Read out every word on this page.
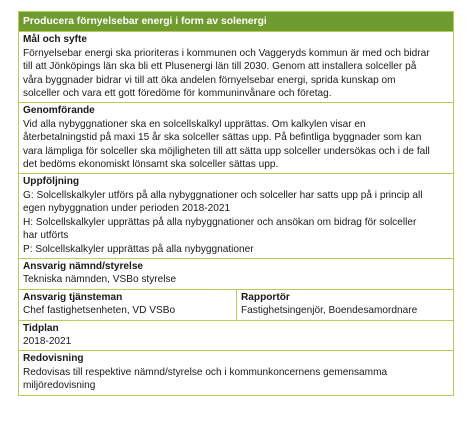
Producera förnyelsebar energi i form av solenergi

Mål och syfte
Förnyelsebar energi ska prioriteras i kommunen och Vaggeryds kommun är med och bidrar
till att Jönköpings län ska bli ett Plusenergi län till 2030. Genom att installera solceller på
våra byggnader bidrar vi till att öka andelen förnyelsebar energi, sprida kunskap om
solceller och vara ett gott föredöme för kommuninvånare och företag.

Genomförande
Vid alla nybyggnationer ska en solcellskalkyl upprättas. Om kalkylen visar en
återbetalningstid på maxi 15 år ska solceller sättas upp. På befintliga byggnader som kan
vara lämpliga för solceller ska möjligheten till att sätta upp solceller undersökas och i de fall
det bedöms ekonomiskt lönsamt ska solceller sättas upp.

Uppföljning
G: Solcellskalkyler utförs på alla nybyggnationer och solceller har satts upp på i princip all
egen nybyggnation under perioden 2018-2021
H: Solcellskalkyler upprättas på alla nybyggnationer och ansökan om bidrag för solceller
har utförts
P: Solcellskalkyler upprättas på alla nybyggnationer

Ansvarig nämnd/styrelse
Tekniska nämnden, VSBo styrelse

Ansvarig tjänsteman
Chef fastighetsenheten, VD VSBo

Rapportör
Fastighetsingenjör, Boendesamordnare

Tidplan
2018-2021

Redovisning
Redovisas till respektive nämnd/styrelse och i kommunkoncernens gemensamma
miljöredovisning
